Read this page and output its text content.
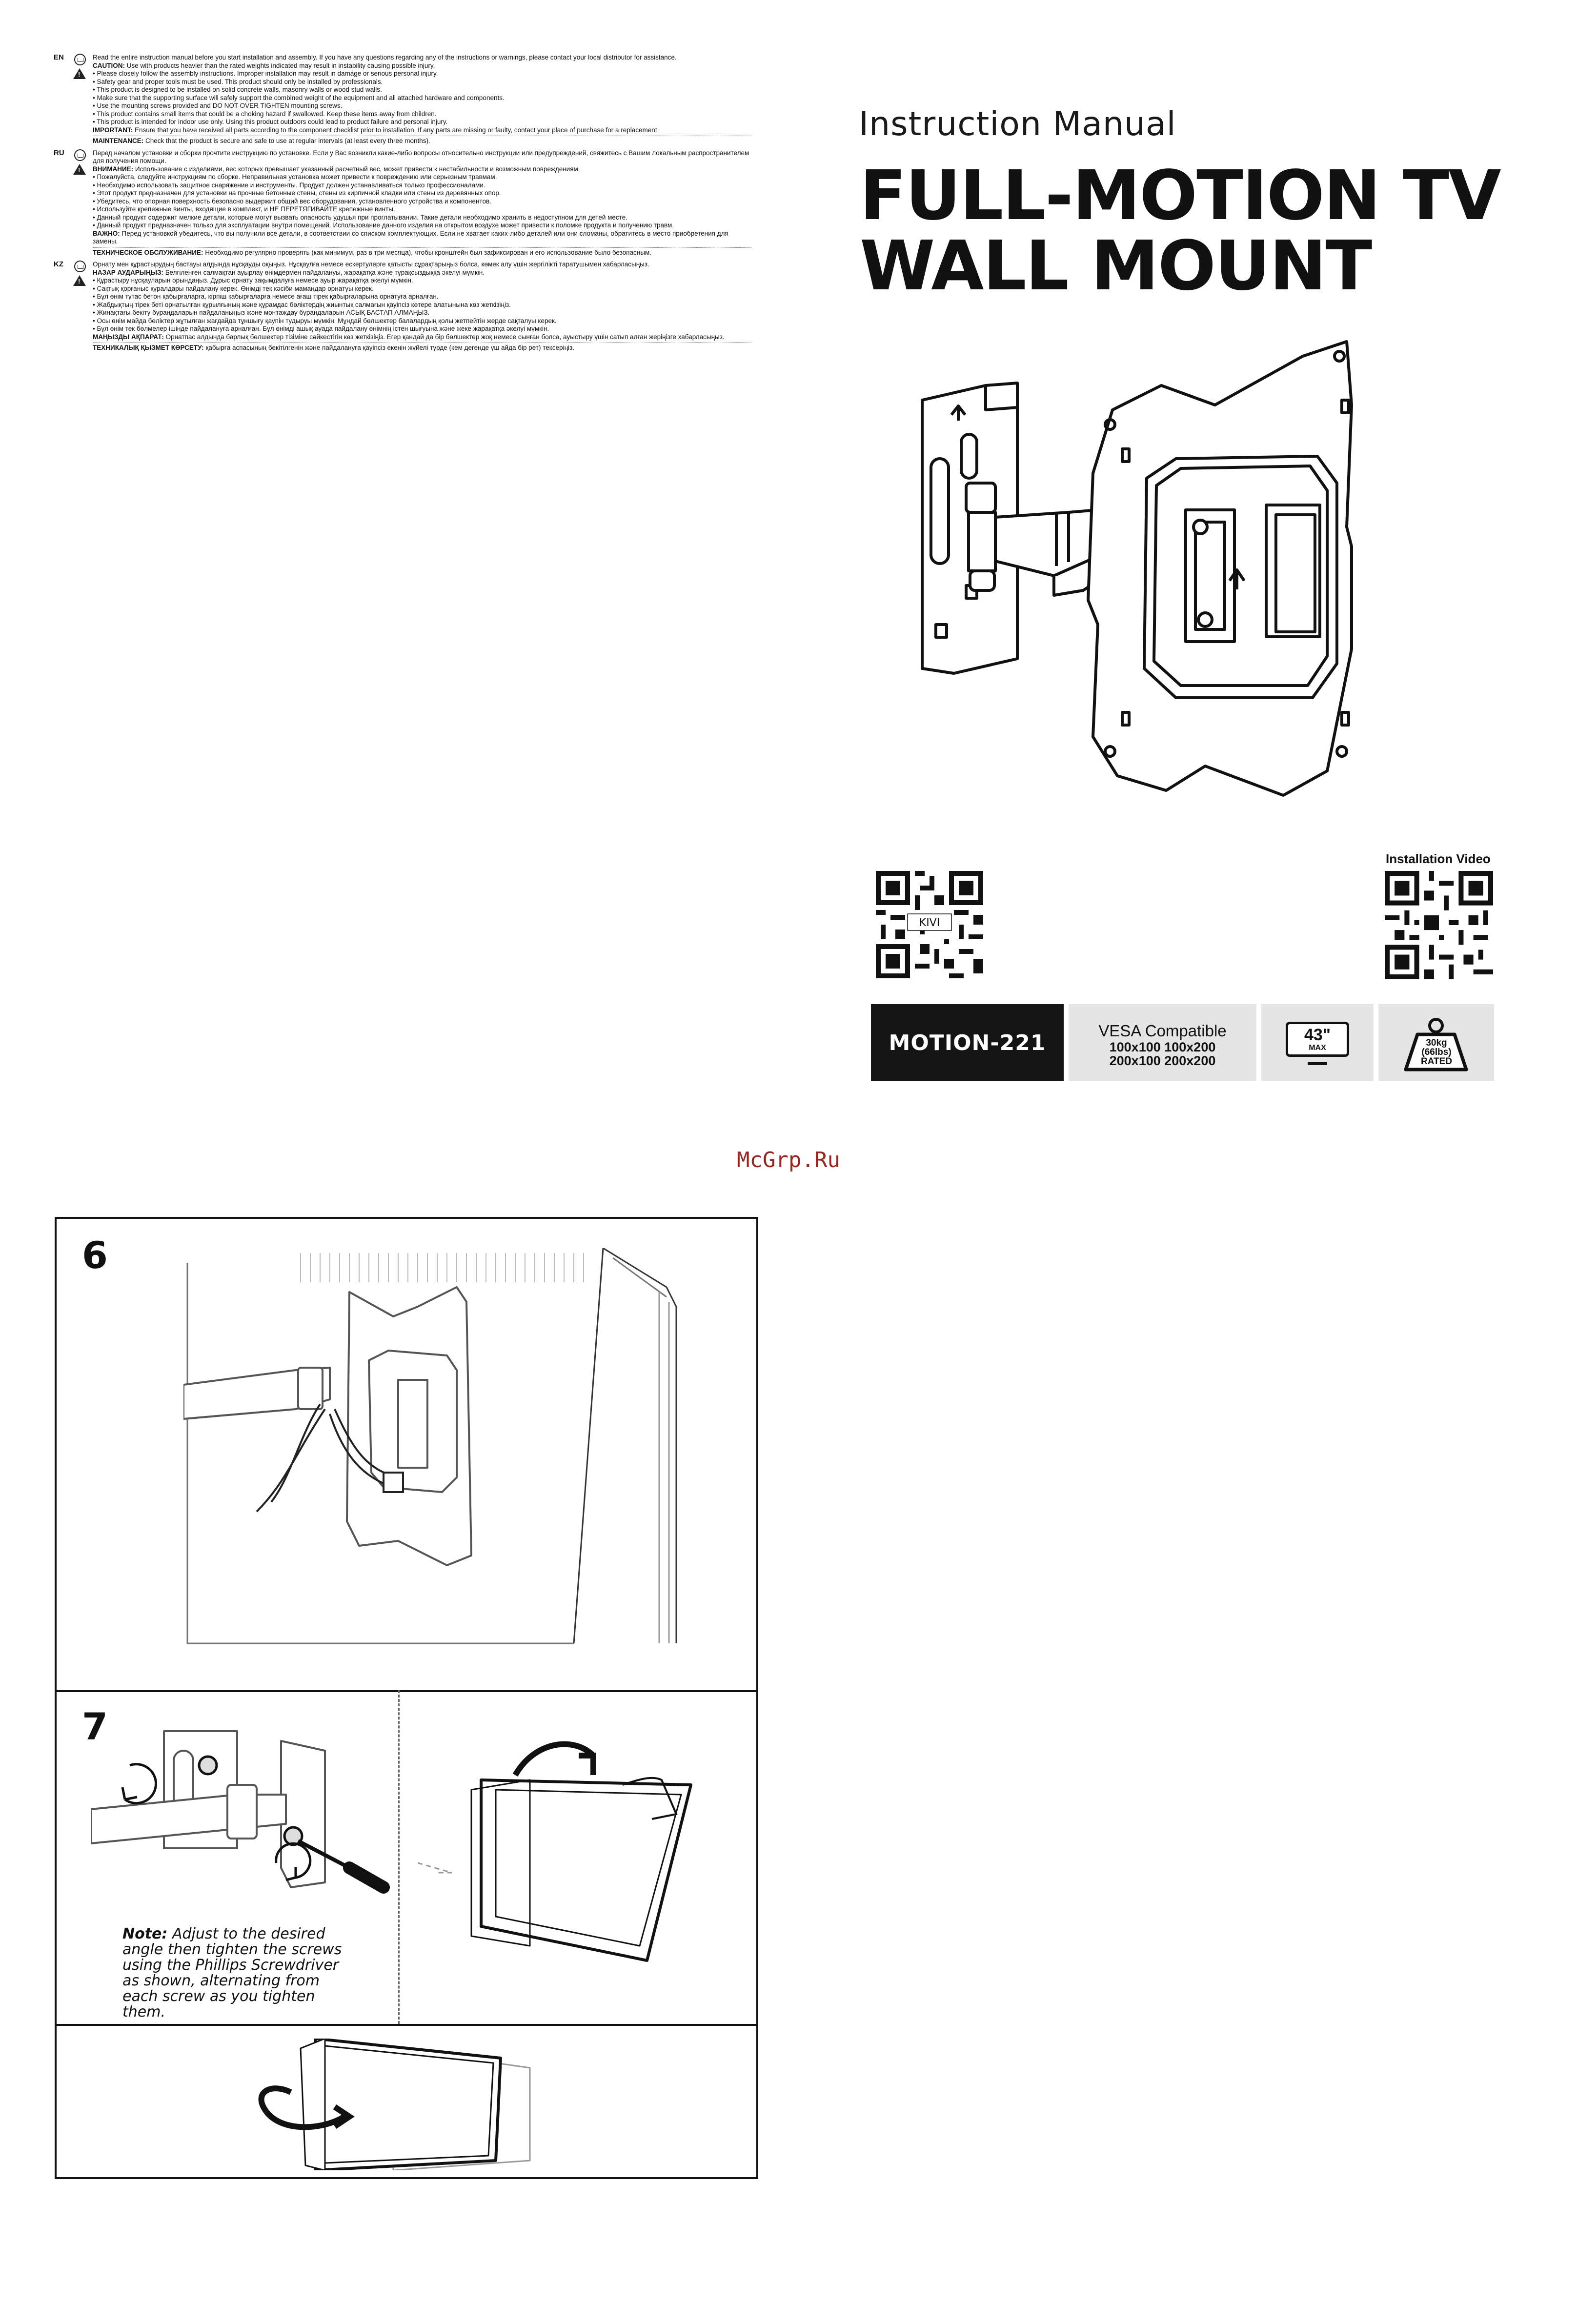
EN
!	Read the entire instruction manual before you start installation and assembly. If you have any questions regarding any of the instructions or warnings, please contact your local distributor for assistance.
CAUTION: Use with products heavier than the rated weights indicated may result in instability causing possible injury.
• Please closely follow the assembly instructions. Improper installation may result in damage or serious personal injury.
• Safety gear and proper tools must be used. This product should only be installed by professionals.
• This product is designed to be installed on solid concrete walls, masonry walls or wood stud walls.
• Make sure that the supporting surface will safely support the combined weight of the equipment and all attached hardware and components.
• Use the mounting screws provided and DO NOT OVER TIGHTEN mounting screws.
• This product contains small items that could be a choking hazard if swallowed. Keep these items away from children.
• This product is intended for indoor use only. Using this product outdoors could lead to product failure and personal injury.
IMPORTANT: Ensure that you have received all parts according to the component checklist prior to installation. If any parts are missing or faulty, contact your place of purchase for a replacement.
MAINTENANCE: Check that the product is secure and safe to use at regular intervals (at least every three months).
RU
!	Перед началом установки и сборки прочтите инструкцию по установке. Если у Вас возникли какие-либо вопросы относительно инструкции или предупреждений, свяжитесь с Вашим локальным распространителем для получения помощи.
ВНИМАНИЕ: Использование с изделиями, вес которых превышает указанный расчетный вес, может привести к нестабильности и возможным повреждениям.
• Пожалуйста, следуйте инструкциям по сборке. Неправильная установка может привести к повреждению или серьезным травмам.
• Необходимо использовать защитное снаряжение и инструменты. Продукт должен устанавливаться только профессионалами.
• Этот продукт предназначен для установки на прочные бетонные стены, стены из кирпичной кладки или стены из деревянных опор.
• Убедитесь, что опорная поверхность безопасно выдержит общий вес оборудования, установленного устройства и компонентов.
• Используйте крепежные винты, входящие в комплект, и НЕ ПЕРЕТЯГИВАЙТЕ крепежные винты.
• Данный продукт содержит мелкие детали, которые могут вызвать опасность удушья при проглатывании. Такие детали необходимо хранить в недоступном для детей месте.
• Данный продукт предназначен только для эксплуатации внутри помещений. Использование данного изделия на открытом воздухе может привести к поломке продукта и получению травм.
ВАЖНО: Перед установкой убедитесь, что вы получили все детали, в соответствии со списком комплектующих. Если не хватает каких-либо деталей или они сломаны, обратитесь в место приобретения для замены.
ТЕХНИЧЕСКОЕ ОБСЛУЖИВАНИЕ: Необходимо регулярно проверять (как минимум, раз в три месяца), чтобы кронштейн был зафиксирован и его использование было безопасным.
KZ
!	Орнату мен құрастырудың бастауы алдында нұсқауды оқыңыз. Нұсқаулға немесе ескертулерге қатысты сұрақтарыңыз болса, көмек алу үшін жергілікті таратушымен хабарласыңыз.
НАЗАР АУДАРЫҢЫЗ: Белгіленген салмақтан ауырлау өнімдермен пайдалануы, жарақатқа және тұрақсыздыққа әкелуі мүмкін.
• Құрастыру нұсқауларын орындаңыз. Дұрыс орнату зақымдалуға немесе ауыр жарақатқа әкелуі мүмкін.
• Сақтық қорғаныс құралдары пайдалану керек. Өнімді тек кәсіби мамандар орнатуы керек.
• Бұл өнім тұтас бетон қабырғаларға, кірпіш қабырғаларға немесе ағаш тірек қабырғаларына орнатуға арналған.
• Жабдықтың тірек беті орнатылған құрылғының және құрамдас бөліктердің жиынтық салмағын қауіпсіз көтере алатынына көз жеткізіңіз.
• Жинақтағы бекіту бұрандаларын пайдаланыңыз және монтаждау бұрандаларын АСЫҚ БАСТАП АЛМАҢЫЗ.
• Осы өнім майда бөліктер жұтылған жағдайда тұншығу қаупін тудыруы мүмкін. Мұндай бөлшектер балалардың қолы жетпейтін жерде сақталуы керек.
• Бұл өнім тек бөлмелер ішінде пайдалануға арналған. Бұл өнімді ашық ауада пайдалану өнімнің істен шығуына және жеке жарақатқа әкелуі мүмкін.
МАҢЫЗДЫ АҚПАРАТ: Орнатпас алдында барлық бөлшектер тізімінe сәйкестігін көз жеткізіңіз. Егер қандай да бір бөлшектер жоқ немесе сынған болса, ауыстыру үшін сатып алған жеріңізге хабарласыңыз.
ТЕХНИКАЛЫҚ ҚЫЗМЕТ КӨРСЕТУ: қабырға аспасының бекітілгенін және пайдалануға қауіпсіз екенін жүйелі түрде (кем дегенде үш айда бір рет) тексеріңіз.
Instruction Manual
FULL-MOTION TV
WALL MOUNT
KIVI
Installation Video
MOTION-221	VESA Compatible
100x100 100x200
200x100 200x200
43"
MAX	30kg
(66lbs)
RATED
McGrp.Ru
6
7
Note: Adjust to the desired angle then tighten the screws using the Phillips Screwdriver as shown, alternating from each screw as you tighten them.
